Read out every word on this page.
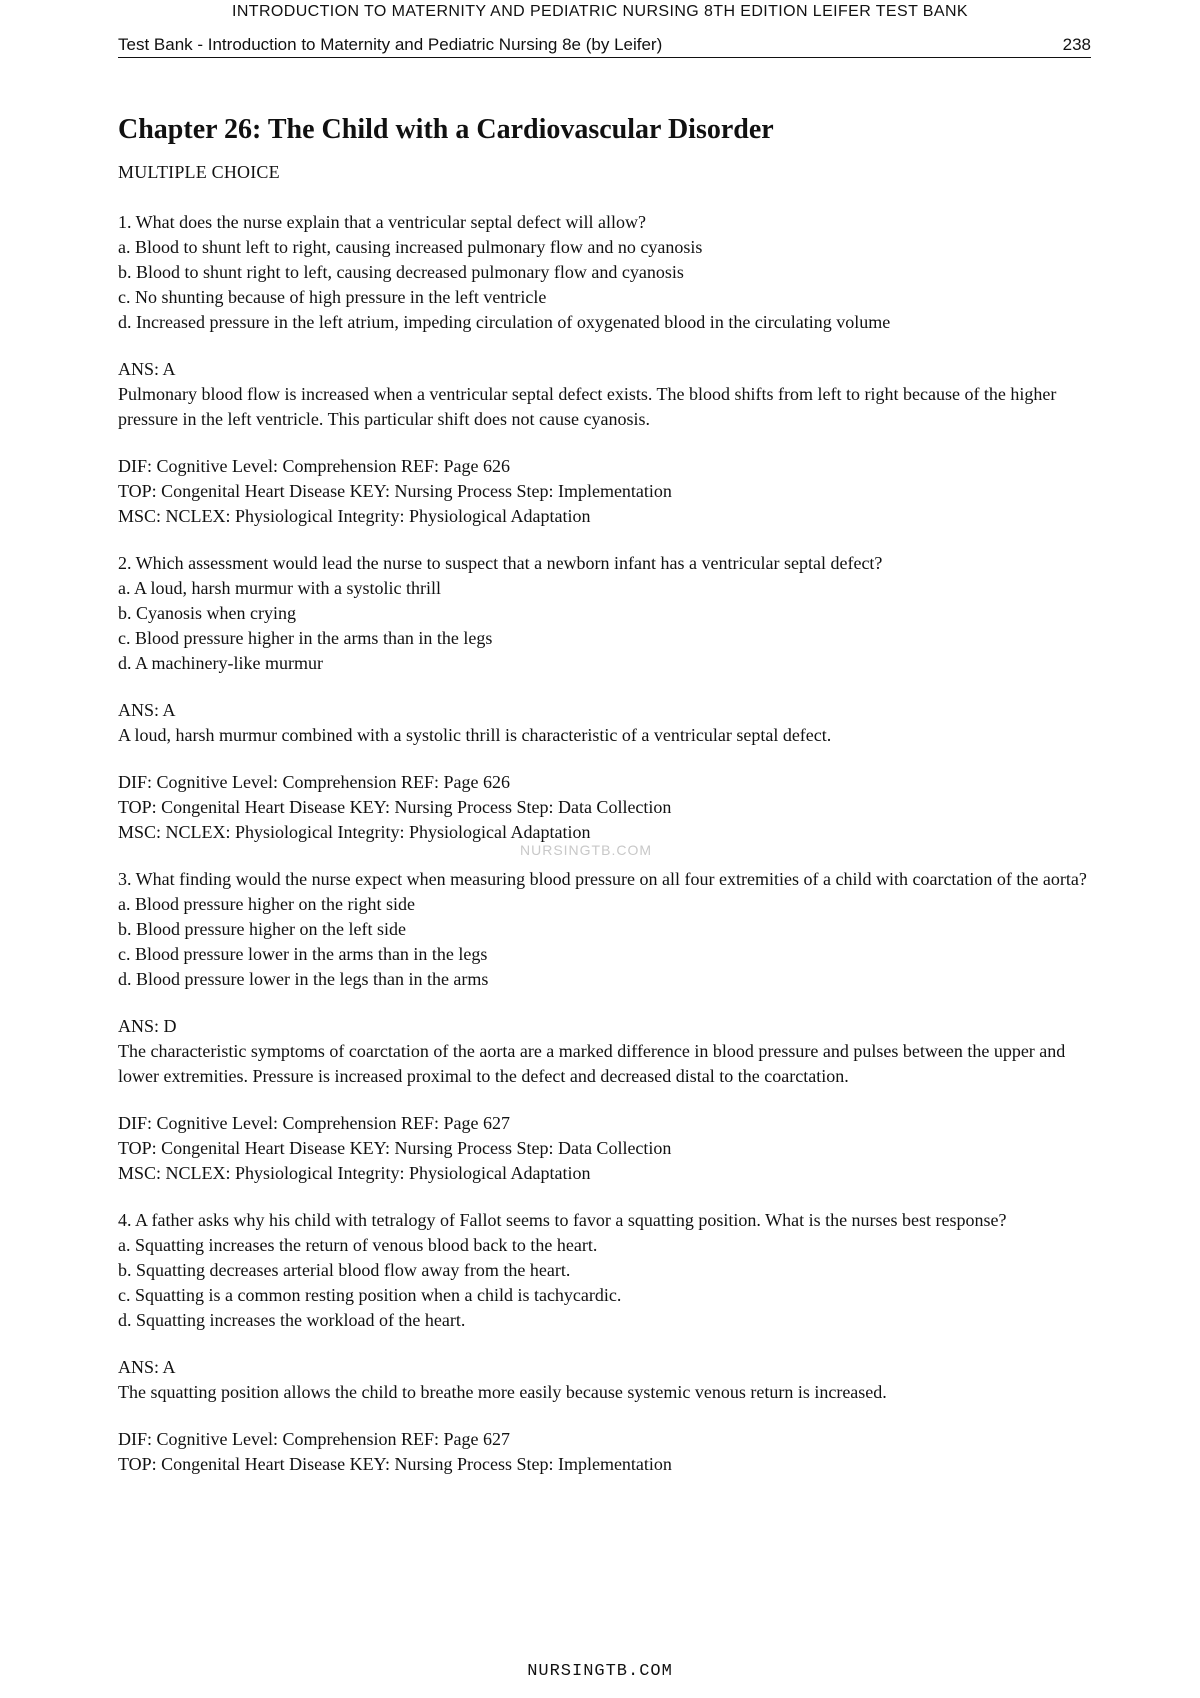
INTRODUCTION TO MATERNITY AND PEDIATRIC NURSING 8TH EDITION LEIFER TEST BANK
Test Bank - Introduction to Maternity and Pediatric Nursing 8e (by Leifer)	238
Chapter 26: The Child with a Cardiovascular Disorder
MULTIPLE CHOICE
1. What does the nurse explain that a ventricular septal defect will allow?
a. Blood to shunt left to right, causing increased pulmonary flow and no cyanosis
b. Blood to shunt right to left, causing decreased pulmonary flow and cyanosis
c. No shunting because of high pressure in the left ventricle
d. Increased pressure in the left atrium, impeding circulation of oxygenated blood in the circulating volume
ANS: A
Pulmonary blood flow is increased when a ventricular septal defect exists. The blood shifts from left to right because of the higher pressure in the left ventricle. This particular shift does not cause cyanosis.
DIF: Cognitive Level: Comprehension REF: Page 626
TOP: Congenital Heart Disease KEY: Nursing Process Step: Implementation
MSC: NCLEX: Physiological Integrity: Physiological Adaptation
2. Which assessment would lead the nurse to suspect that a newborn infant has a ventricular septal defect?
a. A loud, harsh murmur with a systolic thrill
b. Cyanosis when crying
c. Blood pressure higher in the arms than in the legs
d. A machinery-like murmur
ANS: A
A loud, harsh murmur combined with a systolic thrill is characteristic of a ventricular septal defect.
DIF: Cognitive Level: Comprehension REF: Page 626
TOP: Congenital Heart Disease KEY: Nursing Process Step: Data Collection
MSC: NCLEX: Physiological Integrity: Physiological Adaptation
3. What finding would the nurse expect when measuring blood pressure on all four extremities of a child with coarctation of the aorta?
a. Blood pressure higher on the right side
b. Blood pressure higher on the left side
c. Blood pressure lower in the arms than in the legs
d. Blood pressure lower in the legs than in the arms
ANS: D
The characteristic symptoms of coarctation of the aorta are a marked difference in blood pressure and pulses between the upper and lower extremities. Pressure is increased proximal to the defect and decreased distal to the coarctation.
DIF: Cognitive Level: Comprehension REF: Page 627
TOP: Congenital Heart Disease KEY: Nursing Process Step: Data Collection
MSC: NCLEX: Physiological Integrity: Physiological Adaptation
4. A father asks why his child with tetralogy of Fallot seems to favor a squatting position. What is the nurses best response?
a. Squatting increases the return of venous blood back to the heart.
b. Squatting decreases arterial blood flow away from the heart.
c. Squatting is a common resting position when a child is tachycardic.
d. Squatting increases the workload of the heart.
ANS: A
The squatting position allows the child to breathe more easily because systemic venous return is increased.
DIF: Cognitive Level: Comprehension REF: Page 627
TOP: Congenital Heart Disease KEY: Nursing Process Step: Implementation
NURSINGTB.COM
NURSINGTB.COM
